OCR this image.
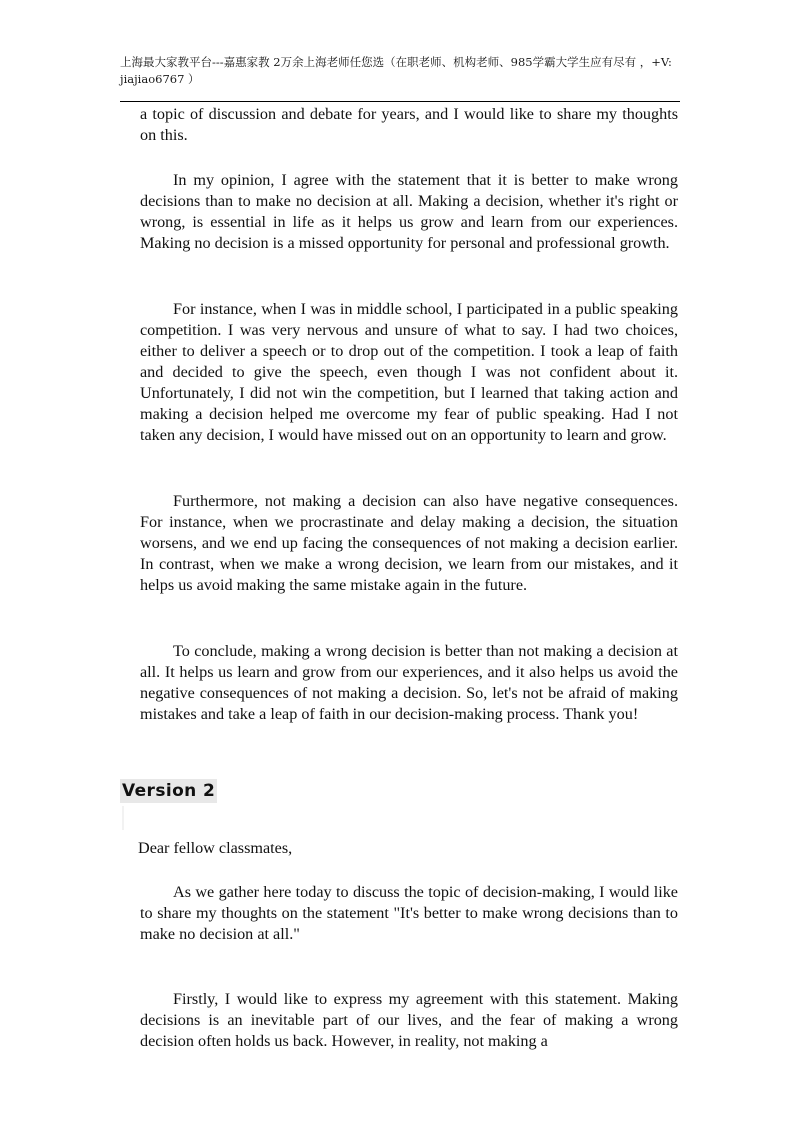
上海最大家教平台---嘉惠家教 2万余上海老师任您选（在职老师、机构老师、985学霸大学生应有尽有 ，+V: jiajiao6767 ）

a topic of discussion and debate for years, and I would like to share my thoughts on this.

In my opinion, I agree with the statement that it is better to make wrong decisions than to make no decision at all. Making a decision, whether it's right or wrong, is essential in life as it helps us grow and learn from our experiences. Making no decision is a missed opportunity for personal and professional growth.

For instance, when I was in middle school, I participated in a public speaking competition. I was very nervous and unsure of what to say. I had two choices, either to deliver a speech or to drop out of the competition. I took a leap of faith and decided to give the speech, even though I was not confident about it. Unfortunately, I did not win the competition, but I learned that taking action and making a decision helped me overcome my fear of public speaking. Had I not taken any decision, I would have missed out on an opportunity to learn and grow.

Furthermore, not making a decision can also have negative consequences. For instance, when we procrastinate and delay making a decision, the situation worsens, and we end up facing the consequences of not making a decision earlier. In contrast, when we make a wrong decision, we learn from our mistakes, and it helps us avoid making the same mistake again in the future.

To conclude, making a wrong decision is better than not making a decision at all. It helps us learn and grow from our experiences, and it also helps us avoid the negative consequences of not making a decision. So, let's not be afraid of making mistakes and take a leap of faith in our decision-making process. Thank you!

Version 2

Dear fellow classmates,

As we gather here today to discuss the topic of decision-making, I would like to share my thoughts on the statement "It's better to make wrong decisions than to make no decision at all."

Firstly, I would like to express my agreement with this statement. Making decisions is an inevitable part of our lives, and the fear of making a wrong decision often holds us back. However, in reality, not making a
